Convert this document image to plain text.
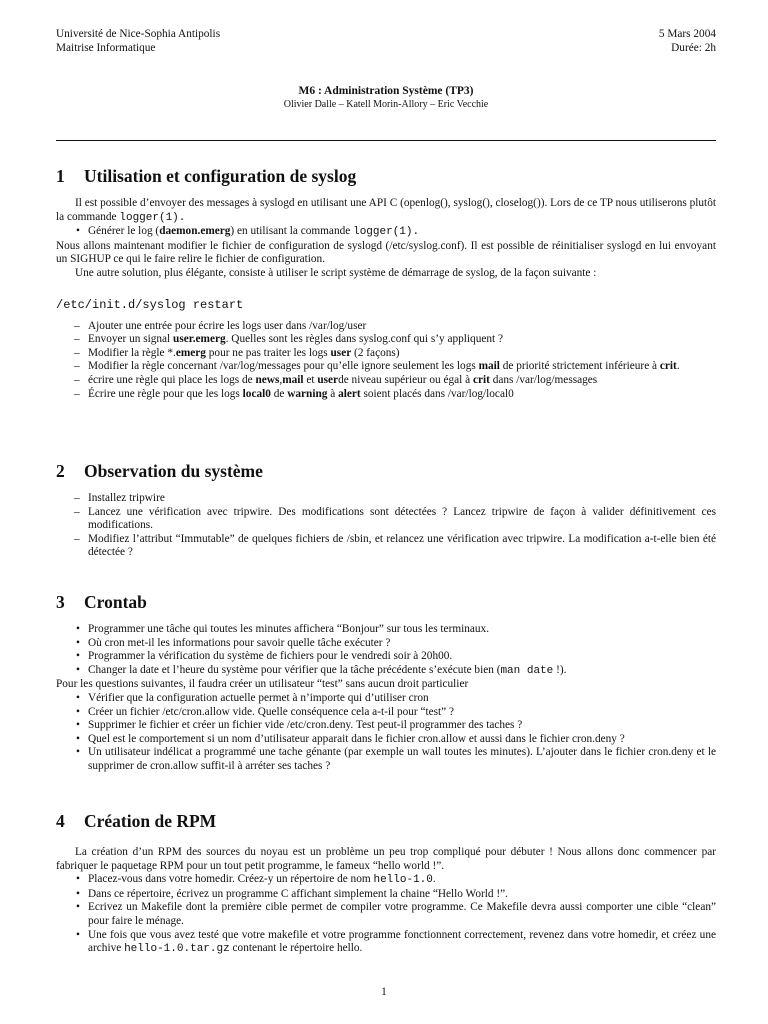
Université de Nice-Sophia Antipolis
Maitrise Informatique
5 Mars 2004
Durée: 2h
M6 : Administration Système (TP3)
Olivier Dalle – Katell Morin-Allory – Eric Vecchie
1 Utilisation et configuration de syslog

Il est possible d’envoyer des messages à syslogd en utilisant une API C (openlog(), syslog(), closelog()). Lors de ce TP nous utiliserons plutôt la commande logger(1).

• Générer le log (daemon.emerg) en utilisant la commande logger(1).

Nous allons maintenant modifier le fichier de configuration de syslogd (/etc/syslog.conf). Il est possible de réinitialiser syslogd en lui envoyant un SIGHUP ce qui le faire relire le fichier de configuration.

Une autre solution, plus élégante, consiste à utiliser le script système de démarrage de syslog, de la façon suivante :

/etc/init.d/syslog restart
– Ajouter une entrée pour écrire les logs user dans /var/log/user
– Envoyer un signal user.emerg. Quelles sont les règles dans syslog.conf qui s’y appliquent ?
– Modifier la règle *.emerg pour ne pas traiter les logs user (2 façons)
– Modifier la règle concernant /var/log/messages pour qu’elle ignore seulement les logs mail de priorité strictement inférieure à crit.
– écrire une règle qui place les logs de news,mail et userde niveau supérieur ou égal à crit dans /var/log/messages
– Écrire une règle pour que les logs local0 de warning à alert soient placés dans /var/log/local0
2 Observation du système
– Installez tripwire
– Lancez une vérification avec tripwire. Des modifications sont détectées ? Lancez tripwire de façon à valider définitivement ces modifications.
– Modifiez l’attribut “Immutable” de quelques fichiers de /sbin, et relancez une vérification avec tripwire. La modification a-t-elle bien été détectée ?
3 Crontab
• Programmer une tâche qui toutes les minutes affichera “Bonjour” sur tous les terminaux.
• Où cron met-il les informations pour savoir quelle tâche exécuter ?
• Programmer la vérification du système de fichiers pour le vendredi soir à 20h00.
• Changer la date et l’heure du système pour vérifier que la tâche précédente s’exécute bien (man date !).

Pour les questions suivantes, il faudra créer un utilisateur “test” sans aucun droit particulier

• Vérifier que la configuration actuelle permet à n’importe qui d’utiliser cron
• Créer un fichier /etc/cron.allow vide. Quelle conséquence cela a-t-il pour “test” ?
• Supprimer le fichier et créer un fichier vide /etc/cron.deny. Test peut-il programmer des taches ?
• Quel est le comportement si un nom d’utilisateur apparait dans le fichier cron.allow et aussi dans le fichier cron.deny ?
• Un utilisateur indélicat a programmé une tache génante (par exemple un wall toutes les minutes). L’ajouter dans le fichier cron.deny et le supprimer de cron.allow suffit-il à arréter ses taches ?
4 Création de RPM

La création d’un RPM des sources du noyau est un problème un peu trop compliqué pour débuter ! Nous allons donc commencer par fabriquer le paquetage RPM pour un tout petit programme, le fameux “hello world !”.

• Placez-vous dans votre homedir. Créez-y un répertoire de nom hello-1.0.
• Dans ce répertoire, écrivez un programme C affichant simplement la chaine “Hello World !”.
• Ecrivez un Makefile dont la première cible permet de compiler votre programme. Ce Makefile devra aussi comporter une cible “clean” pour faire le ménage.
• Une fois que vous avez testé que votre makefile et votre programme fonctionnent correctement, revenez dans votre homedir, et créez une archive hello-1.0.tar.gz contenant le répertoire hello.
1
